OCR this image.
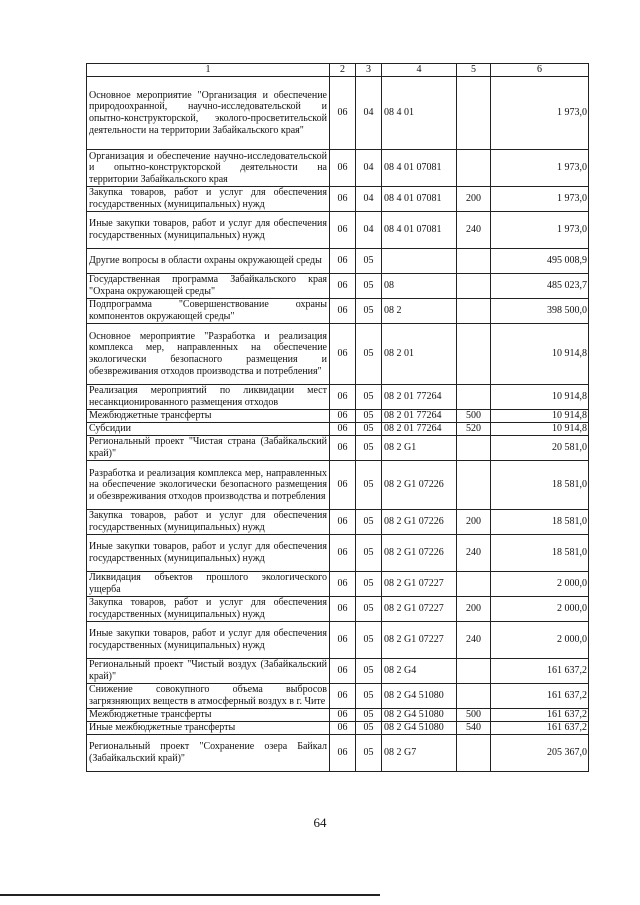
1	2	3	4	5	6
Основное мероприятие "Организация и обеспечение природоохранной, научно-исследовательской и опытно-конструкторской, эколого-просветительской деятельности на территории Забайкальского края"	06	04	08 4 01		1 973,0
Организация и обеспечение научно-исследовательской и опытно-конструкторской деятельности на территории Забайкальского края	06	04	08 4 01 07081		1 973,0
Закупка товаров, работ и услуг для обеспечения государственных (муниципальных) нужд	06	04	08 4 01 07081	200	1 973,0
Иные закупки товаров, работ и услуг для обеспечения государственных (муниципальных) нужд	06	04	08 4 01 07081	240	1 973,0
Другие вопросы в области охраны окружающей среды	06	05			495 008,9
Государственная программа Забайкальского края "Охрана окружающей среды"	06	05	08		485 023,7
Подпрограмма "Совершенствование охраны компонентов окружающей среды"	06	05	08 2		398 500,0
Основное мероприятие "Разработка и реализация комплекса мер, направленных на обеспечение экологически безопасного размещения и обезвреживания отходов производства и потребления"	06	05	08 2 01		10 914,8
Реализация мероприятий по ликвидации мест несанкционированного размещения отходов	06	05	08 2 01 77264		10 914,8
Межбюджетные трансферты	06	05	08 2 01 77264	500	10 914,8
Субсидии	06	05	08 2 01 77264	520	10 914,8
Региональный проект "Чистая страна (Забайкальский край)"	06	05	08 2 G1		20 581,0
Разработка и реализация комплекса мер, направленных на обеспечение экологически безопасного размещения и обезвреживания отходов производства и потребления	06	05	08 2 G1 07226		18 581,0
Закупка товаров, работ и услуг для обеспечения государственных (муниципальных) нужд	06	05	08 2 G1 07226	200	18 581,0
Иные закупки товаров, работ и услуг для обеспечения государственных (муниципальных) нужд	06	05	08 2 G1 07226	240	18 581,0
Ликвидация объектов прошлого экологического ущерба	06	05	08 2 G1 07227		2 000,0
Закупка товаров, работ и услуг для обеспечения государственных (муниципальных) нужд	06	05	08 2 G1 07227	200	2 000,0
Иные закупки товаров, работ и услуг для обеспечения государственных (муниципальных) нужд	06	05	08 2 G1 07227	240	2 000,0
Региональный проект "Чистый воздух (Забайкальский край)"	06	05	08 2 G4		161 637,2
Снижение совокупного объема выбросов загрязняющих веществ в атмосферный воздух в г. Чите	06	05	08 2 G4 51080		161 637,2
Межбюджетные трансферты	06	05	08 2 G4 51080	500	161 637,2
Иные межбюджетные трансферты	06	05	08 2 G4 51080	540	161 637,2
Региональный проект "Сохранение озера Байкал (Забайкальский край)"	06	05	08 2 G7		205 367,0
64
